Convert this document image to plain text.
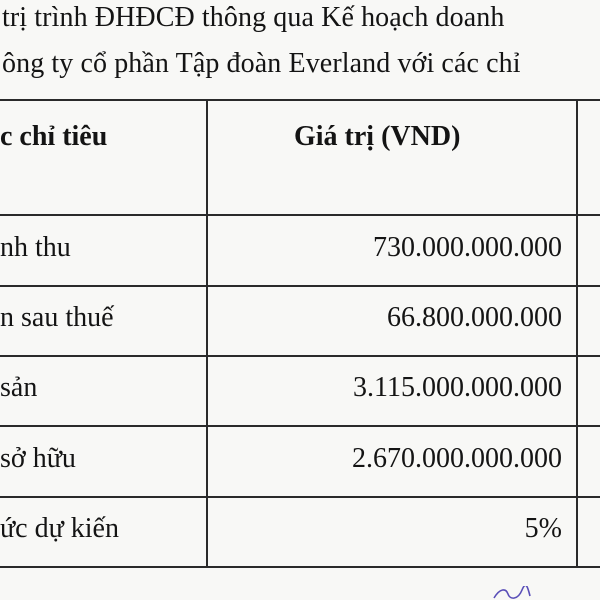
trị trình ĐHĐCĐ thông qua Kế hoạch doanh
ông ty cổ phần Tập đoàn Everland với các chỉ
c chỉ tiêu	Giá trị (VND)
nh thu	730.000.000.000
n sau thuế	66.800.000.000
sản	3.115.000.000.000
sở hữu	2.670.000.000.000
ức dự kiến	5%
